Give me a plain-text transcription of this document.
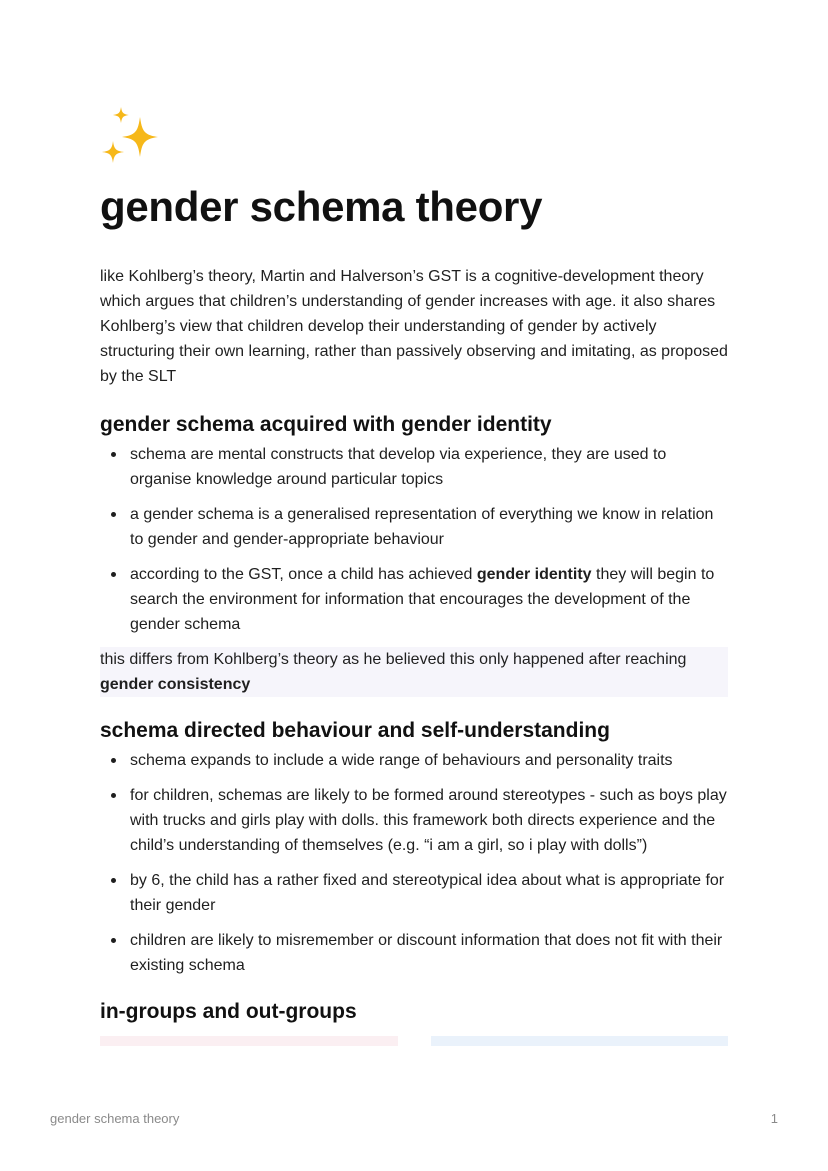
gender schema theory

like Kohlberg’s theory, Martin and Halverson’s GST is a cognitive-development theory which argues that children’s understanding of gender increases with age. it also shares Kohlberg’s view that children develop their understanding of gender by actively structuring their own learning, rather than passively observing and imitating, as proposed by the SLT

gender schema acquired with gender identity
schema are mental constructs that develop via experience, they are used to organise knowledge around particular topics
a gender schema is a generalised representation of everything we know in relation to gender and gender-appropriate behaviour
according to the GST, once a child has achieved gender identity they will begin to search the environment for information that encourages the development of the gender schema

this differs from Kohlberg’s theory as he believed this only happened after reaching gender consistency

schema directed behaviour and self-understanding
schema expands to include a wide range of behaviours and personality traits
for children, schemas are likely to be formed around stereotypes - such as boys play with trucks and girls play with dolls. this framework both directs experience and the child’s understanding of themselves (e.g. “i am a girl, so i play with dolls”)
by 6, the child has a rather fixed and stereotypical idea about what is appropriate for their gender
children are likely to misremember or discount information that does not fit with their existing schema
in-groups and out-groups
gender schema theory	1
